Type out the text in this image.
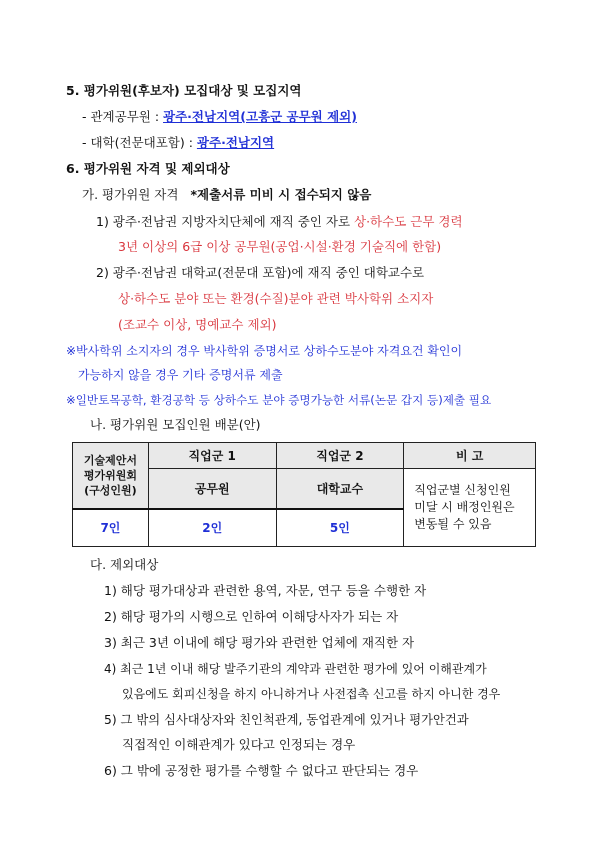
5. 평가위원(후보자) 모집대상 및 모집지역
- 관계공무원 : 광주·전남지역(고흥군 공무원 제외)
- 대학(전문대포함) : 광주·전남지역
6. 평가위원 자격 및 제외대상
가. 평가위원 자격 *제출서류 미비 시 접수되지 않음
1) 광주·전남권 지방자치단체에 재직 중인 자로 상·하수도 근무 경력
3년 이상의 6급 이상 공무원(공업·시설·환경 기술직에 한함)
2) 광주·전남권 대학교(전문대 포함)에 재직 중인 대학교수로
상·하수도 분야 또는 환경(수질)분야 관련 박사학위 소지자
(조교수 이상, 명예교수 제외)
※박사학위 소지자의 경우 박사학위 증명서로 상하수도분야 자격요건 확인이
가능하지 않을 경우 기타 증명서류 제출
※일반토목공학, 환경공학 등 상하수도 분야 증명가능한 서류(논문 갑지 등)제출 필요
나. 평가위원 모집인원 배분(안)
기술제안서
평가위원회
(구성인원)	직업군 1	직업군 2	비 고
	공무원	대학교수	직업군별 신청인원
미달 시 배정인원은
변동될 수 있음

7인	2인	5인	
다. 제외대상
1) 해당 평가대상과 관련한 용역, 자문, 연구 등을 수행한 자
2) 해당 평가의 시행으로 인하여 이해당사자가 되는 자
3) 최근 3년 이내에 해당 평가와 관련한 업체에 재직한 자
4) 최근 1년 이내 해당 발주기관의 계약과 관련한 평가에 있어 이해관계가
있음에도 회피신청을 하지 아니하거나 사전접촉 신고를 하지 아니한 경우
5) 그 밖의 심사대상자와 친인척관계, 동업관계에 있거나 평가안건과
직접적인 이해관계가 있다고 인정되는 경우
6) 그 밖에 공정한 평가를 수행할 수 없다고 판단되는 경우
